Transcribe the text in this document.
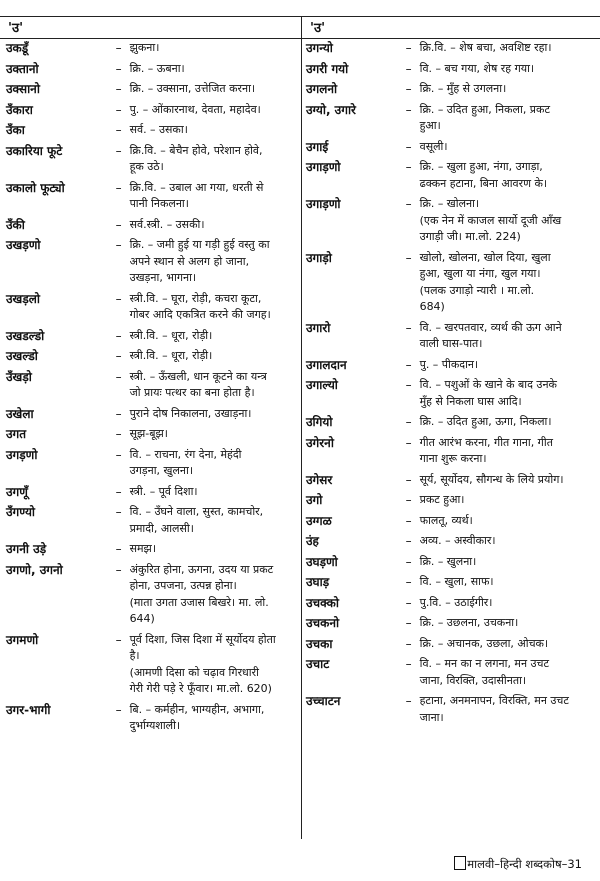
'उ'	'उ'
उकडूँ	– झुकना।
उक्तानो	– क्रि. – ऊबना।
उक्सानो	– क्रि. – उक्साना, उत्तेजित करना।
उँकारा	– पु. – ओंकारनाथ, देवता, महादेव।
उँका	– सर्व. – उसका।
उकारिया फूटे	– क्रि.वि. – बेचैन होवे, परेशान होवे,
हूक उठे।
उकालो फूट्यो	– क्रि.वि. – उबाल आ गया, धरती से
पानी निकलना।
उँकी	– सर्व.स्त्री. – उसकी।
उखड़णो	– क्रि. – जमी हुई या गड़ी हुई वस्तु का
अपने स्थान से अलग हो जाना,
उखड़ना, भागना।
उखड़लो	– स्त्री.वि. – घूरा, रोड़ी, कचरा कूटा,
गोबर आदि एकत्रित करने की जगह।
उखडल्डो	– स्त्री.वि. – धूरा, रोड़ी।
उखल्डो	– स्त्री.वि. – धूरा, रोड़ी।
उँखड़ो	– स्त्री. – ऊँखली, धान कूटने का यन्त्र
जो प्रायः पत्थर का बना होता है।
उखेला	– पुराने दोष निकालना, उखाड़ना।
उगत	– सूझ-बूझ।
उगड़णो	– वि. – राचना, रंग देना, मेहंदी
उगड़ना, खुलना।
उगणूँ	– स्त्री. – पूर्व दिशा।
उँगण्यो	– वि. – उँघने वाला, सुस्त, कामचोर,
प्रमादी, आलसी।
उगनी उड़े	– समझ।
उगणो, उगनो	– अंकुरित होना, ऊगना, उदय या प्रकट
होना, उपजना, उत्पन्न होना।
(माता उगता उजास बिखरे। मा. लो.
644)
उगमणो	– पूर्व दिशा, जिस दिशा में सूर्योदय होता
है।
(आमणी दिसा को चढ़ाव गिरधारी
गेरी गेरी पड़े रे फूँवार। मा.लो. 620)
उगर-भागी	– बि. – कर्महीन, भाग्यहीन, अभागा,
दुर्भाग्यशाली।
उगन्यो	– क्रि.वि. – शेष बचा, अवशिष्ट रहा।
उगरी गयो	– वि. – बच गया, शेष रह गया।
उगलनो	– क्रि. – मुँह से उगलना।
उग्यो, उगारे	– क्रि. – उदित हुआ, निकला, प्रकट
हुआ।
उगाई	– वसूली।
उगाड़णो	– क्रि. – खुला हुआ, नंगा, उगाड़ा,
ढक्कन हटाना, बिना आवरण के।
उगाड़णो	– क्रि. – खोलना।
(एक नेन में काजल सार्यो दूजी आँख
उगाड़ी जी। मा.लो. 224)
उगाड़ो	– खोलो, खोलना, खोल दिया, खुला
हुआ, खुला या नंगा, खुल गया।
(पलक उगाड़ो न्यारी । मा.लो.
684)
उगारो	– वि. – खरपतवार, व्यर्थ की ऊग आने
वाली घास-पात।
उगालदान	– पु. – पीकदान।
उगाल्यो	– वि. – पशुओं के खाने के बाद उनके
मुँह से निकला घास आदि।
उगियो	– क्रि. – उदित हुआ, ऊगा, निकला।
उगेरनो	– गीत आरंभ करना, गीत गाना, गीत
गाना शुरू करना।
उगेसर	– सूर्य, सूर्योदय, सौगन्ध के लिये प्रयोग।
उगो	– प्रकट हुआ।
उग्गळ	– फालतू, व्यर्थ।
उंह	– अव्य. – अस्वीकार।
उघड़णो	– क्रि. – खुलना।
उघाड़	– वि. – खुला, साफ।
उचक्को	– पु.वि. – उठाईगीर।
उचकनो	– क्रि. – उछलना, उचकना।
उचका	– क्रि. – अचानक, उछला, ओचक।
उचाट	– वि. – मन का न लगना, मन उचट
जाना, विरक्ति, उदासीनता।
उच्चाटन	– हटाना, अनमनापन, विरक्ति, मन उचट
जाना।
मालवी–हिन्दी शब्दकोष–31
